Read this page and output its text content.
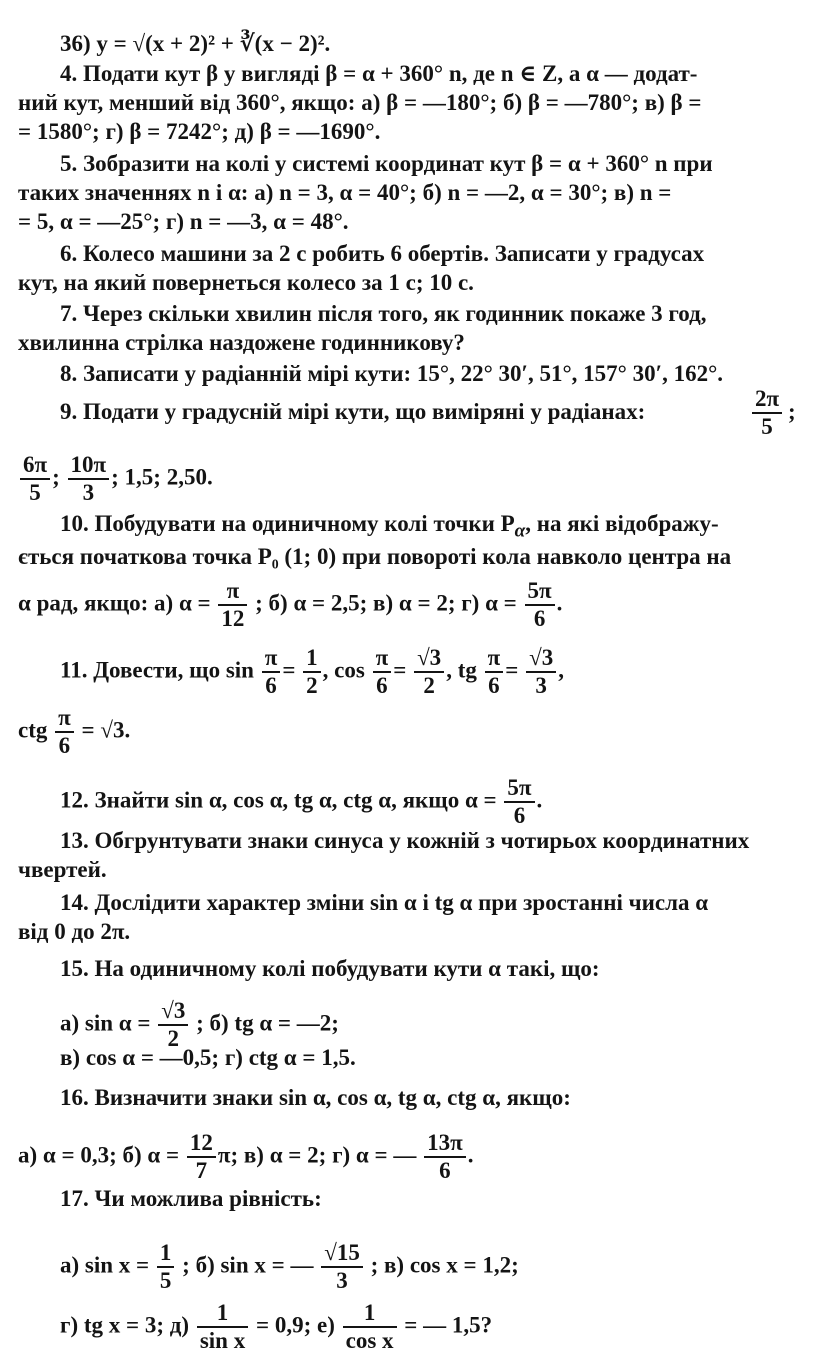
36) y = √(x + 2)² + ∛(x − 2)².
4. Подати кут β у вигляді β = α + 360° n, де n ∈ Z, а α — додат-
ний кут, менший від 360°, якщо: а) β = —180°; б) β = —780°; в) β =
= 1580°; г) β = 7242°; д) β = —1690°.
5. Зобразити на колі у системі координат кут β = α + 360° n при
таких значеннях n і α: а) n = 3, α = 40°; б) n = —2, α = 30°; в) n =
= 5, α = —25°; г) n = —3, α = 48°.
6. Колесо машини за 2 с робить 6 обертів. Записати у градусах
кут, на який повернеться колесо за 1 с; 10 с.
7. Через скільки хвилин після того, як годинник покаже 3 год,
хвилинна стрілка наздожене годинникову?
8. Записати у радіанній мірі кути: 15°, 22° 30′, 51°, 157° 30′, 162°.
9. Подати у градусній мірі кути, що виміряні у радіанах:	$\frac{2\pi}{5}$ ;
$\frac{6\pi}{5}$ ; $\frac{10\pi}{3}$ ; 1,5; 2,50.
10. Побудувати на одиничному колі точки $P_\alpha$, на які відображу-
ється початкова точка P₀ (1; 0) при повороті кола навколо центра на
α рад, якщо: а) $\alpha = \frac{\pi}{12}$ ; б) α = 2,5; в) α = 2; г) $\alpha = \frac{5\pi}{6}$ .
11. Довести, що $\sin \frac{\pi}{6} = \frac{1}{2}$ , $\cos \frac{\pi}{6} = \frac{√3}{2}$ , tg $\frac{\pi}{6} = \frac{√3}{3}$ ,
ctg $\frac{\pi}{6} = √3$.
12. Знайти sin α, cos α, tg α, ctg α, якщо $\alpha = \frac{5\pi}{6}$ .
13. Обгрунтувати знаки синуса у кожній з чотирьох координатних
чвертей.
14. Дослідити характер зміни sin α і tg α при зростанні числа α
від 0 до 2π.
15. На одиничному колі побудувати кути α такі, що:
а) $\sin \alpha = \frac{√3}{2}$ ; б) tg α = —2;
в) cos α = —0,5; г) ctg α = 1,5.
16. Визначити знаки sin α, cos α, tg α, ctg α, якщо:
а) α = 0,3; б) $\alpha = \frac{12}{7} \pi$; в) α = 2; г) α = — $\frac{13\pi}{6}$ .
17. Чи можлива рівність:
а) $\sin x = \frac{1}{5}$ ; б) sin x = — $\frac{√15}{3}$ ; в) cos x = 1,2;
г) tg x = 3; $д) \frac{1}{\text{sin x}} = 0,9$; $е) \frac{1}{\text{cos x}}$ = — 1,5?
